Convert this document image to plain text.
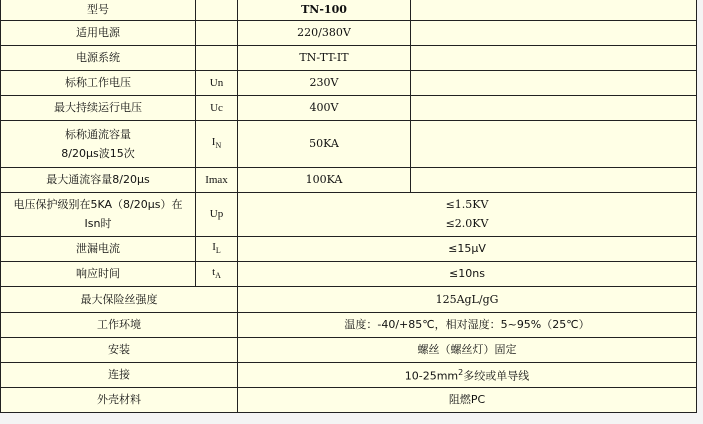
型号		TN-100	
适用电源		220/380V	
电源系统		TN-TT-IT	
标称工作电压	Un	230V	
最大持续运行电压	Uc	400V	

标称通流容量
8/20μs波15次	$I_N$	50KA	
最大通流容量8/20μs	Imax	100KA	

电压保护级别在5KA（8/20μs）在
Isn时	Up	≤1.5KV
≤2.0KV	

泄漏电流	$I_L$	≤15μV	
响应时间	$t_A$	≤10ns	
最大保险丝强度		125AgL/gG	
工作环境		温度：-40/+85℃，相对湿度：5~95%（25℃）	
安装		螺丝（螺丝灯）固定	
连接		$10-25mm^2$多绞或单导线	
外壳材料		阻燃PC	
